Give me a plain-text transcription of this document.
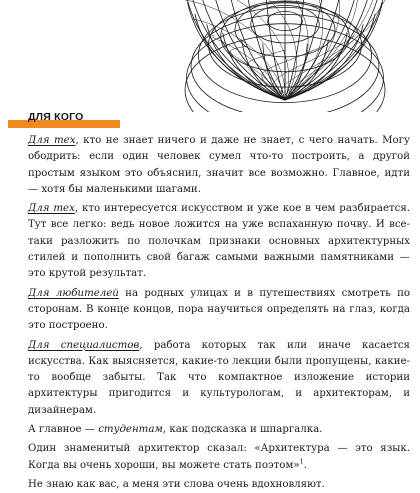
ДЛЯ КОГО

Для тех, кто не знает ничего и даже не знает, с чего начать. Могу ободрить: если один человек сумел что-то построить, а другой простым языком это объяснил, значит все возможно. Главное, идти — хотя бы маленькими шагами.

Для тех, кто интересуется искусством и уже кое в чем разбирается. Тут все легко: ведь новое ложится на уже вспаханную почву. И все-таки разложить по полочкам признаки основных архитектурных стилей и пополнить свой багаж самыми важными памятниками — это крутой результат.

Для любителей на родных улицах и в путешествиях смотреть по сторонам. В конце концов, пора научиться определять на глаз, когда это построено.

Для специалистов, работа которых так или иначе касается искусства. Как выясняется, какие-то лекции были пропущены, какие-то вообще забыты. Так что компактное изложение истории архитектуры пригодится и культурологам, и архитекторам, и дизайнерам.

А главное — студентам, как подсказка и шпаргалка.

Один знаменитый архитектор сказал: «Архитектура — это язык. Когда вы очень хороши, вы можете стать поэтом»$^1$.

Не знаю как вас, а меня эти слова очень вдохновляют.
